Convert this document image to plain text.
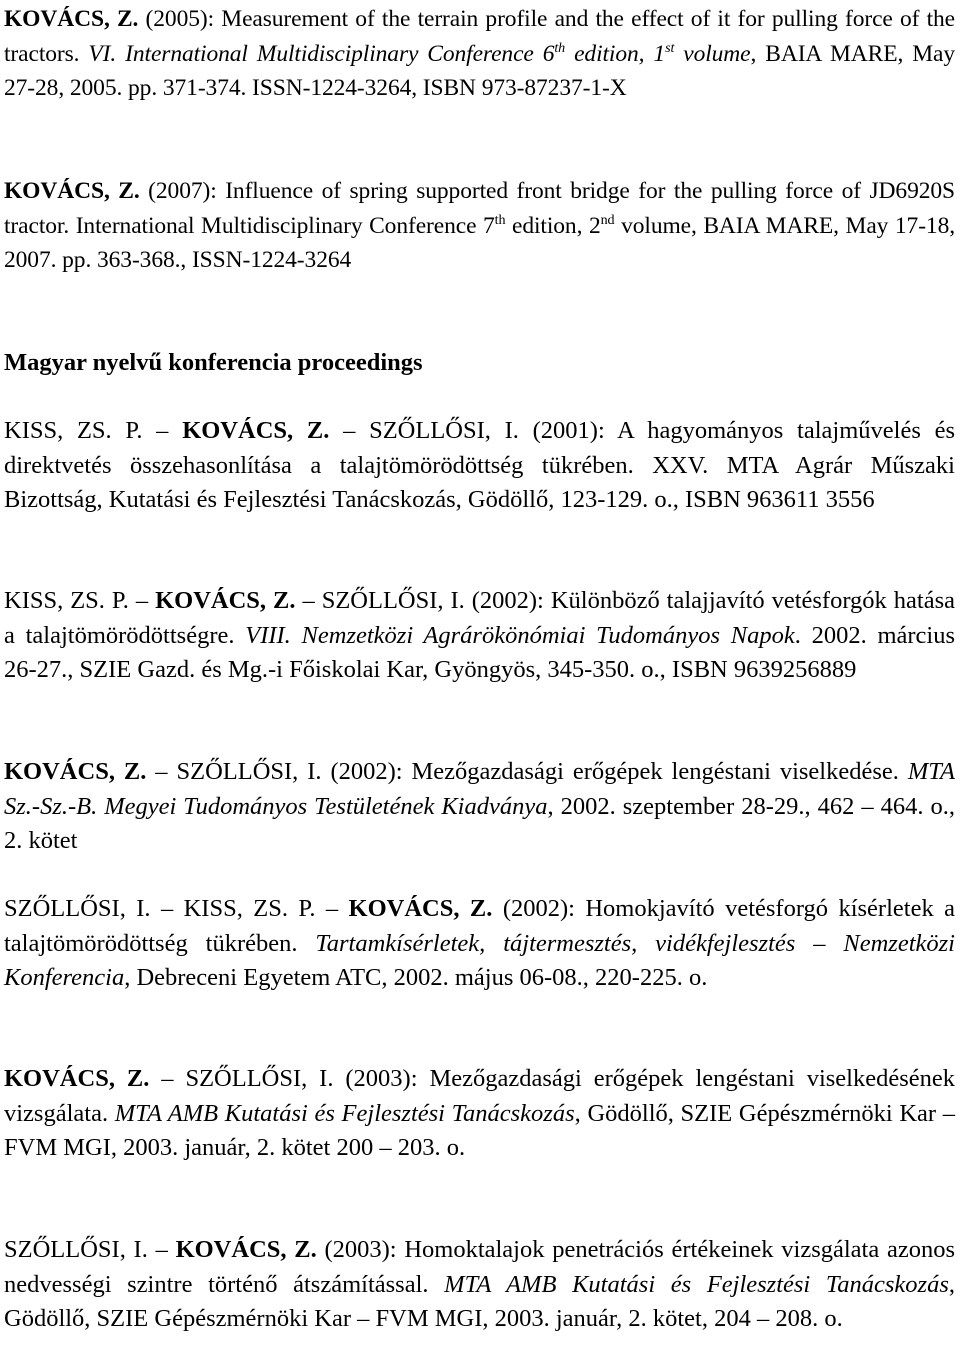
KOVÁCS, Z. (2005): Measurement of the terrain profile and the effect of it for pulling force of the tractors. VI. International Multidisciplinary Conference 6th edition, 1st volume, BAIA MARE, May 27-28, 2005. pp. 371-374. ISSN-1224-3264, ISBN 973-87237-1-X

KOVÁCS, Z. (2007): Influence of spring supported front bridge for the pulling force of JD6920S tractor. International Multidisciplinary Conference 7th edition, 2nd volume, BAIA MARE, May 17-18, 2007. pp. 363-368., ISSN-1224-3264

Magyar nyelvű konferencia proceedings

KISS, ZS. P. – KOVÁCS, Z. – SZŐLLŐSI, I. (2001): A hagyományos talajművelés és direktvetés összehasonlítása a talajtömörödöttség tükrében. XXV. MTA Agrár Műszaki Bizottság, Kutatási és Fejlesztési Tanácskozás, Gödöllő, 123-129. o., ISBN 963611 3556

KISS, ZS. P. – KOVÁCS, Z. – SZŐLLŐSI, I. (2002): Különböző talajjavító vetésforgók hatása a talajtömörödöttségre. VIII. Nemzetközi Agrárökönómiai Tudományos Napok. 2002. március 26-27., SZIE Gazd. és Mg.-i Főiskolai Kar, Gyöngyös, 345-350. o., ISBN 9639256889

KOVÁCS, Z. – SZŐLLŐSI, I. (2002): Mezőgazdasági erőgépek lengéstani viselkedése. MTA Sz.-Sz.-B. Megyei Tudományos Testületének Kiadványa, 2002. szeptember 28-29., 462 – 464. o., 2. kötet

SZŐLLŐSI, I. – KISS, ZS. P. – KOVÁCS, Z. (2002): Homokjavító vetésforgó kísérletek a talajtömörödöttség tükrében. Tartamkísérletek, tájtermesztés, vidékfejlesztés – Nemzetközi Konferencia, Debreceni Egyetem ATC, 2002. május 06-08., 220-225. o.

KOVÁCS, Z. – SZŐLLŐSI, I. (2003): Mezőgazdasági erőgépek lengéstani viselkedésének vizsgálata. MTA AMB Kutatási és Fejlesztési Tanácskozás, Gödöllő, SZIE Gépészmérnöki Kar – FVM MGI, 2003. január, 2. kötet 200 – 203. o.

SZŐLLŐSI, I. – KOVÁCS, Z. (2003): Homoktalajok penetrációs értékeinek vizsgálata azonos nedvességi szintre történő átszámítással. MTA AMB Kutatási és Fejlesztési Tanácskozás, Gödöllő, SZIE Gépészmérnöki Kar – FVM MGI, 2003. január, 2. kötet, 204 – 208. o.
